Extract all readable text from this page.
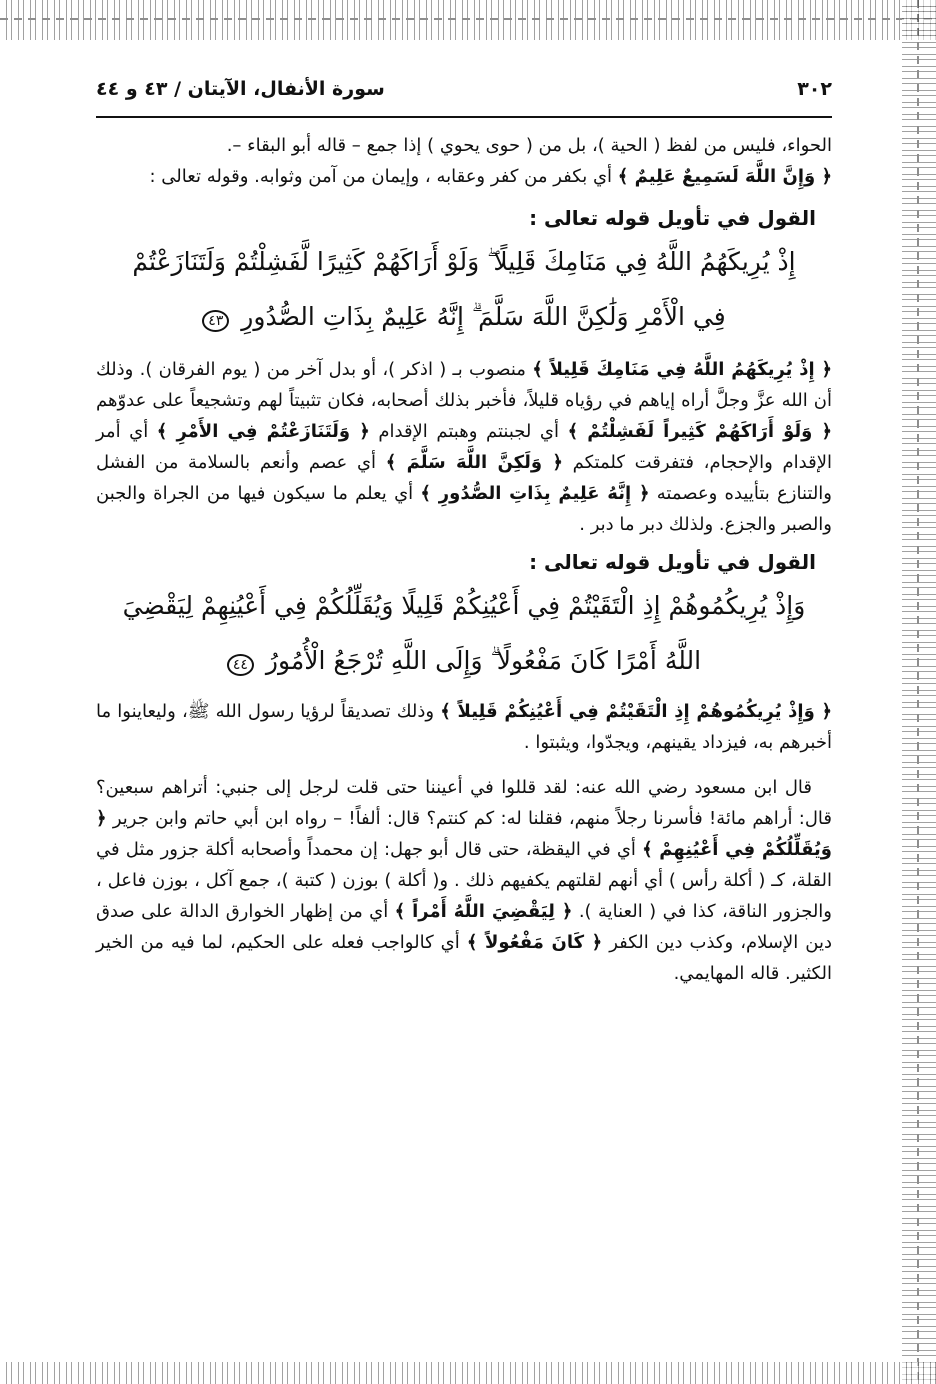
٣٠٢
سورة الأنفال، الآيتان / ٤٣ و ٤٤

الحواء، فليس من لفظ ( الحية )، بل من ( حوى يحوي ) إذا جمع – قاله أبو البقاء –.
﴿ وَإِنَّ اللَّهَ لَسَمِيعٌ عَلِيمٌ ﴾ أي بكفر من كفر وعقابه ، وإيمان من آمن وثوابه. وقوله تعالى :

القول في تأويل قوله تعالى :

إِذْ يُرِيكَهُمُ اللَّهُ فِي مَنَامِكَ قَلِيلًا ۖ وَلَوْ أَرَاكَهُمْ كَثِيرًا لَّفَشِلْتُمْ وَلَتَنَازَعْتُمْ

فِي الْأَمْرِ وَلَٰكِنَّ اللَّهَ سَلَّمَ ۗ إِنَّهُ عَلِيمٌ بِذَاتِ الصُّدُورِ ٤٣

﴿ إِذْ يُرِيكَهُمُ اللَّهُ فِي مَنَامِكَ قَلِيلاً ﴾ منصوب بـ ( اذكر )، أو بدل آخر من ( يوم الفرقان ). وذلك أن الله عزَّ وجلَّ أراه إياهم في رؤياه قليلاً، فأخبر بذلك أصحابه، فكان تثبيتاً لهم وتشجيعاً على عدوّهم ﴿ وَلَوْ أَرَاكَهُمْ كَثِيراً لَفَشِلْتُمْ ﴾ أي لجبنتم وهبتم الإقدام ﴿ وَلَتَنَازَعْتُمْ فِي الأَمْرِ ﴾ أي أمر الإقدام والإحجام، فتفرقت كلمتكم ﴿ وَلَكِنَّ اللَّهَ سَلَّمَ ﴾ أي عصم وأنعم بالسلامة من الفشل والتنازع بتأييده وعصمته ﴿ إِنَّهُ عَلِيمٌ بِذَاتِ الصُّدُورِ ﴾ أي يعلم ما سيكون فيها من الجراة والجبن والصبر والجزع. ولذلك دبر ما دبر .

القول في تأويل قوله تعالى :

وَإِذْ يُرِيكُمُوهُمْ إِذِ الْتَقَيْتُمْ فِي أَعْيُنِكُمْ قَلِيلًا وَيُقَلِّلُكُمْ فِي أَعْيُنِهِمْ لِيَقْضِيَ

اللَّهُ أَمْرًا كَانَ مَفْعُولًا ۗ وَإِلَى اللَّهِ تُرْجَعُ الْأُمُورُ ٤٤

﴿ وَإِذْ يُرِيكُمُوهُمْ إِذِ الْتَقَيْتُمْ فِي أَعْيُنِكُمْ قَلِيلاً ﴾ وذلك تصديقاً لرؤيا رسول الله ﷺ، وليعاينوا ما أخبرهم به، فيزداد يقينهم، ويجدّوا، ويثبتوا .

قال ابن مسعود رضي الله عنه: لقد قللوا في أعيننا حتى قلت لرجل إلى جنبي: أتراهم سبعين؟ قال: أراهم مائة! فأسرنا رجلاً منهم، فقلنا له: كم كنتم؟ قال: ألفاً! – رواه ابن أبي حاتم وابن جرير ﴿ وَيُقَلِّلُكُمْ فِي أَعْيُنِهِمْ ﴾ أي في اليقظة، حتى قال أبو جهل: إن محمداً وأصحابه أكلة جزور مثل في القلة، كـ ( أكلة رأس ) أي أنهم لقلتهم يكفيهم ذلك . و( أكلة ) بوزن ( كتبة )، جمع آكل ، بوزن فاعل ، والجزور الناقة، كذا في ( العناية ). ﴿ لِيَقْضِيَ اللَّهُ أَمْراً ﴾ أي من إظهار الخوارق الدالة على صدق دين الإسلام، وكذب دين الكفر ﴿ كَانَ مَفْعُولاً ﴾ أي كالواجب فعله على الحكيم، لما فيه من الخير الكثير. قاله المهايمي.
